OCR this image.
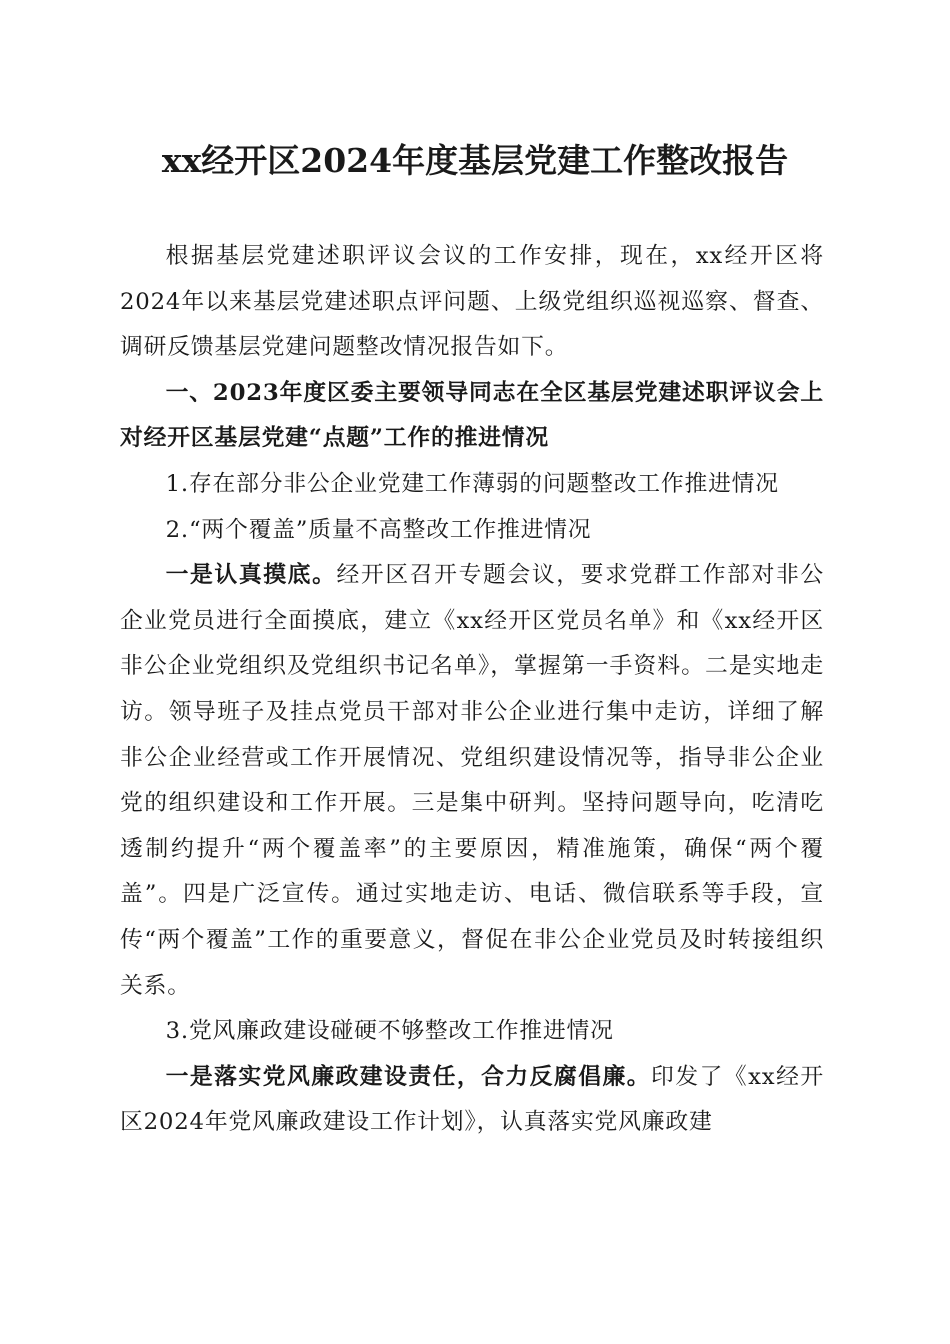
xx经开区2024年度基层党建工作整改报告

根据基层党建述职评议会议的工作安排，现在，xx经开区将2024年以来基层党建述职点评问题、上级党组织巡视巡察、督查、调研反馈基层党建问题整改情况报告如下。

一、2023年度区委主要领导同志在全区基层党建述职评议会上对经开区基层党建“点题”工作的推进情况

1.存在部分非公企业党建工作薄弱的问题整改工作推进情况

2.“两个覆盖”质量不高整改工作推进情况

一是认真摸底。经开区召开专题会议，要求党群工作部对非公企业党员进行全面摸底，建立《xx经开区党员名单》和《xx经开区非公企业党组织及党组织书记名单》，掌握第一手资料。二是实地走访。领导班子及挂点党员干部对非公企业进行集中走访，详细了解非公企业经营或工作开展情况、党组织建设情况等，指导非公企业党的组织建设和工作开展。三是集中研判。坚持问题导向，吃清吃透制约提升“两个覆盖率”的主要原因，精准施策，确保“两个覆盖”。四是广泛宣传。通过实地走访、电话、微信联系等手段，宣传“两个覆盖”工作的重要意义，督促在非公企业党员及时转接组织关系。

3.党风廉政建设碰硬不够整改工作推进情况

一是落实党风廉政建设责任，合力反腐倡廉。印发了《xx经开区2024年党风廉政建设工作计划》，认真落实党风廉政建
